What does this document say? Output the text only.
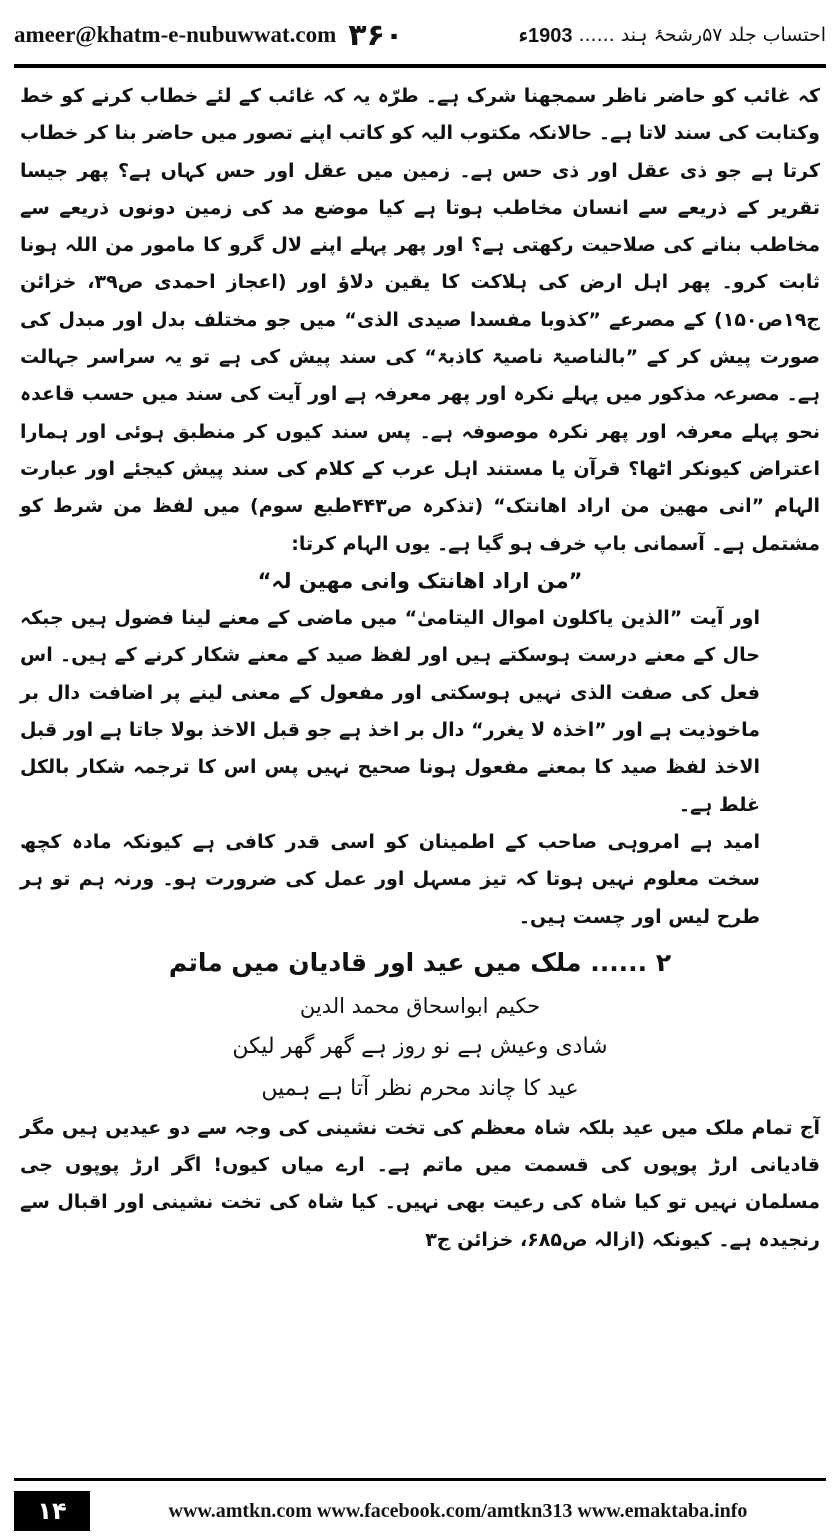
ameer@khatm-e-nubuwwat.com ۳۶۰	احتساب جلد ۵۷رشحۂ ہند
......
1903ء

کہ غائب کو حاضر ناظر سمجھنا شرک ہے۔ طرّہ یہ کہ غائب کے لئے خطاب کرنے کو خط وکتابت کی سند لاتا ہے۔ حالانکہ مکتوب الیہ کو کاتب اپنے تصور میں حاضر بنا کر خطاب کرتا ہے جو ذی عقل اور ذی حس ہے۔ زمین میں عقل اور حس کہاں ہے؟ پھر جیسا تقریر کے ذریعے سے انسان مخاطب ہوتا ہے کیا موضع مد کی زمین دونوں ذریعے سے مخاطب بنانے کی صلاحیت رکھتی ہے؟ اور پھر پہلے اپنے لال گرو کا مامور من اللہ ہونا ثابت کرو۔ پھر اہل ارض کی ہلاکت کا یقین دلاؤ اور (اعجاز احمدی ص۳۹، خزائن ج۱۹ص۱۵۰) کے مصرعے ”کذوبا مفسدا صیدی الذی“ میں جو مختلف بدل اور مبدل کی صورت پیش کر کے ”بالناصیۃ ناصیۃ کاذبۃ“ کی سند پیش کی ہے تو یہ سراسر جہالت ہے۔ مصرعہ مذکور میں پہلے نکرہ اور پھر معرفہ ہے اور آیت کی سند میں حسب قاعدہ نحو پہلے معرفہ اور پھر نکرہ موصوفہ ہے۔ پس سند کیوں کر منطبق ہوئی اور ہمارا اعتراض کیونکر اٹھا؟ قرآن یا مستند اہل عرب کے کلام کی سند پیش کیجئے اور عبارت الہام ”انی مھین من اراد اھانتک“ (تذکرہ ص۴۴۳طبع سوم) میں لفظ من شرط کو مشتمل ہے۔ آسمانی باپ خرف ہو گیا ہے۔ یوں الہام کرتا:

”من اراد اھانتک وانی مھین لہ“

اور آیت ”الذین یاکلون اموال الیتامیٰ“ میں ماضی کے معنے لینا فضول ہیں جبکہ حال کے معنے درست ہوسکتے ہیں اور لفظ صید کے معنے شکار کرنے کے ہیں۔ اس فعل کی صفت الذی نہیں ہوسکتی اور مفعول کے معنی لینے پر اضافت دال بر ماخوذیت ہے اور ”اخذہ لا یغرر“ دال بر اخذ ہے جو قبل الاخذ بولا جاتا ہے اور قبل الاخذ لفظ صید کا بمعنے مفعول ہونا صحیح نہیں پس اس کا ترجمہ شکار بالکل غلط ہے۔

امید ہے امروہی صاحب کے اطمینان کو اسی قدر کافی ہے کیونکہ مادہ کچھ سخت معلوم نہیں ہوتا کہ تیز مسہل اور عمل کی ضرورت ہو۔ ورنہ ہم تو ہر طرح لیس اور چست ہیں۔

۲ ...... ملک میں عید اور قادیان میں ماتم

حکیم ابواسحاق محمد الدین

شادی وعیش ہے نو روز ہے گھر گھر لیکن

عید کا چاند محرم نظر آتا ہے ہمیں

آج تمام ملک میں عید بلکہ شاہ معظم کی تخت نشینی کی وجہ سے دو عیدیں ہیں مگر قادیانی ارڑ پوپوں کی قسمت میں ماتم ہے۔ ارے میاں کیوں! اگر ارڑ پوپوں جی مسلمان نہیں تو کیا شاہ کی رعیت بھی نہیں۔ کیا شاہ کی تخت نشینی اور اقبال سے رنجیدہ ہے۔ کیونکہ (ازالہ ص۶۸۵، خزائن ج۳

۱۴	www.amtkn.com www.facebook.com/amtkn313 www.emaktaba.info
